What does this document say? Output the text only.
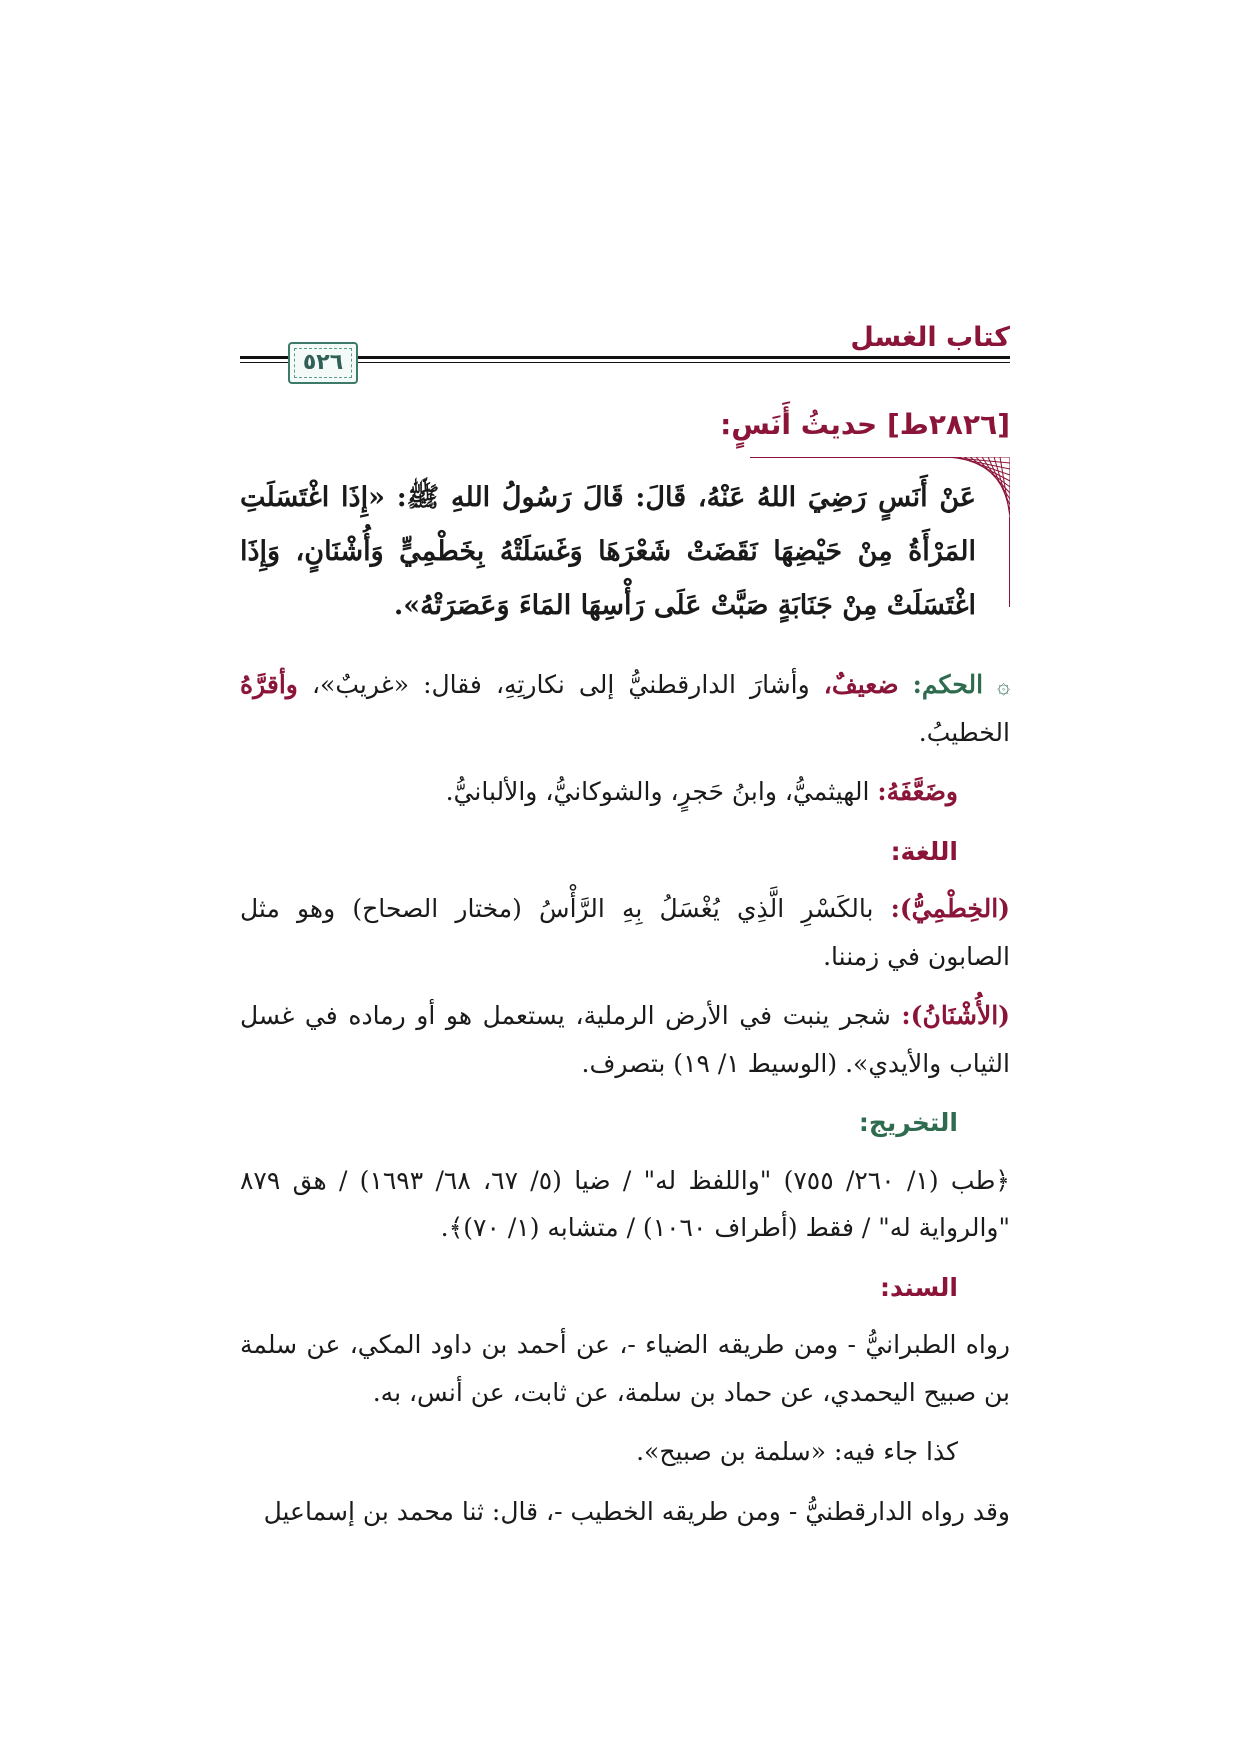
كتاب الغسل
٥٢٦
[٢٨٢٦ط] حديثُ أَنَسٍ:
عَنْ أَنَسٍ رَضِيَ اللهُ عَنْهُ، قَالَ: قَالَ رَسُولُ اللهِ ﷺ: «إِذَا اغْتَسَلَتِ المَرْأَةُ مِنْ حَيْضِهَا نَقَضَتْ شَعْرَهَا وَغَسَلَتْهُ بِخَطْمِيٍّ وَأُشْنَانٍ، وَإِذَا اغْتَسَلَتْ مِنْ جَنَابَةٍ صَبَّتْ عَلَى رَأْسِهَا المَاءَ وَعَصَرَتْهُ».

۞ الحكم: ضعيفٌ، وأشارَ الدارقطنيُّ إلى نكارتِهِ، فقال: «غريبٌ»، وأقرَّهُ الخطيبُ.

وضَعَّفَهُ: الهيثميُّ، وابنُ حَجرٍ، والشوكانيُّ، والألبانيُّ.

اللغة:

(الخِطْمِيُّ): بالكَسْرِ الَّذِي يُغْسَلُ بِهِ الرَّأْسُ (مختار الصحاح) وهو مثل الصابون في زمننا.

(الأُشْنَانُ): شجر ينبت في الأرض الرملية، يستعمل هو أو رماده في غسل الثياب والأيدي». (الوسيط ١/ ١٩) بتصرف.

التخريج:

﴿طب (١/ ٢٦٠/ ٧٥٥) "واللفظ له" / ضيا (٥/ ٦٧، ٦٨/ ١٦٩٣) / هق ٨٧٩ "والرواية له" / فقط (أطراف ١٠٦٠) / متشابه (١/ ٧٠)﴾.

السند:

رواه الطبرانيُّ - ومن طريقه الضياء -، عن أحمد بن داود المكي، عن سلمة بن صبيح اليحمدي، عن حماد بن سلمة، عن ثابت، عن أنس، به.

كذا جاء فيه: «سلمة بن صبيح».

وقد رواه الدارقطنيُّ - ومن طريقه الخطيب -، قال: ثنا محمد بن إسماعيل
